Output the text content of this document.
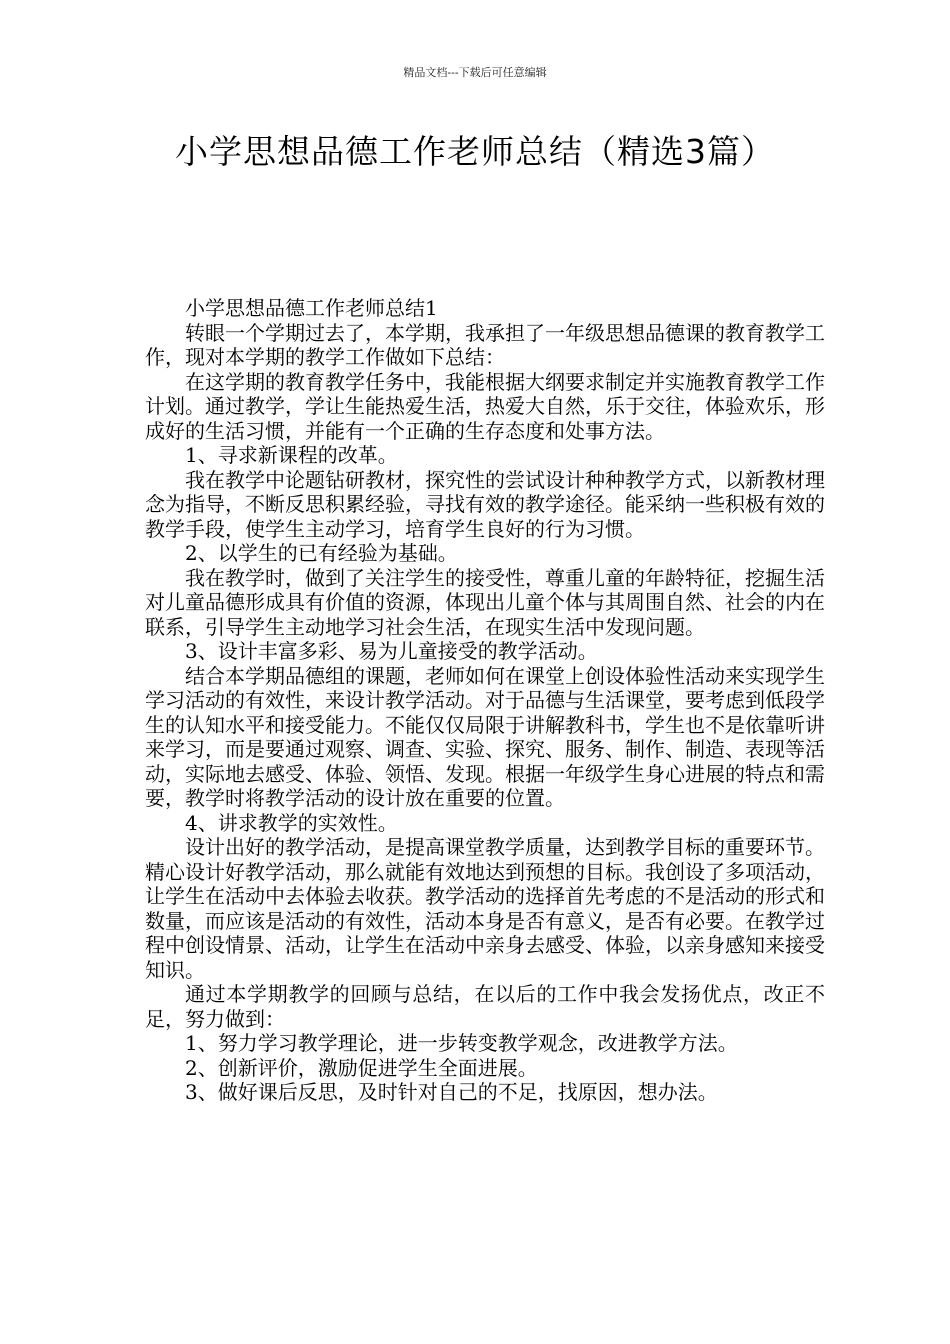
精品文档---下载后可任意编辑
小学思想品德工作老师总结（精选3篇）

小学思想品德工作老师总结1

转眼一个学期过去了，本学期，我承担了一年级思想品德课的教育教学工作，现对本学期的教学工作做如下总结：

在这学期的教育教学任务中，我能根据大纲要求制定并实施教育教学工作计划。通过教学，学让生能热爱生活，热爱大自然，乐于交往，体验欢乐，形成好的生活习惯，并能有一个正确的生存态度和处事方法。

1、寻求新课程的改革。

我在教学中论题钻研教材，探究性的尝试设计种种教学方式，以新教材理念为指导，不断反思积累经验，寻找有效的教学途径。能采纳一些积极有效的教学手段，使学生主动学习，培育学生良好的行为习惯。

2、以学生的已有经验为基础。

我在教学时，做到了关注学生的接受性，尊重儿童的年龄特征，挖掘生活对儿童品德形成具有价值的资源，体现出儿童个体与其周围自然、社会的内在联系，引导学生主动地学习社会生活，在现实生活中发现问题。

3、设计丰富多彩、易为儿童接受的教学活动。

结合本学期品德组的课题，老师如何在课堂上创设体验性活动来实现学生学习活动的有效性，来设计教学活动。对于品德与生活课堂，要考虑到低段学生的认知水平和接受能力。不能仅仅局限于讲解教科书，学生也不是依靠听讲来学习，而是要通过观察、调查、实验、探究、服务、制作、制造、表现等活动，实际地去感受、体验、领悟、发现。根据一年级学生身心进展的特点和需要，教学时将教学活动的设计放在重要的位置。

4、讲求教学的实效性。

设计出好的教学活动，是提高课堂教学质量，达到教学目标的重要环节。精心设计好教学活动，那么就能有效地达到预想的目标。我创设了多项活动，让学生在活动中去体验去收获。教学活动的选择首先考虑的不是活动的形式和数量，而应该是活动的有效性，活动本身是否有意义，是否有必要。在教学过程中创设情景、活动，让学生在活动中亲身去感受、体验，以亲身感知来接受知识。

通过本学期教学的回顾与总结，在以后的工作中我会发扬优点，改正不足，努力做到：

1、努力学习教学理论，进一步转变教学观念，改进教学方法。

2、创新评价，激励促进学生全面进展。

3、做好课后反思，及时针对自己的不足，找原因，想办法。
